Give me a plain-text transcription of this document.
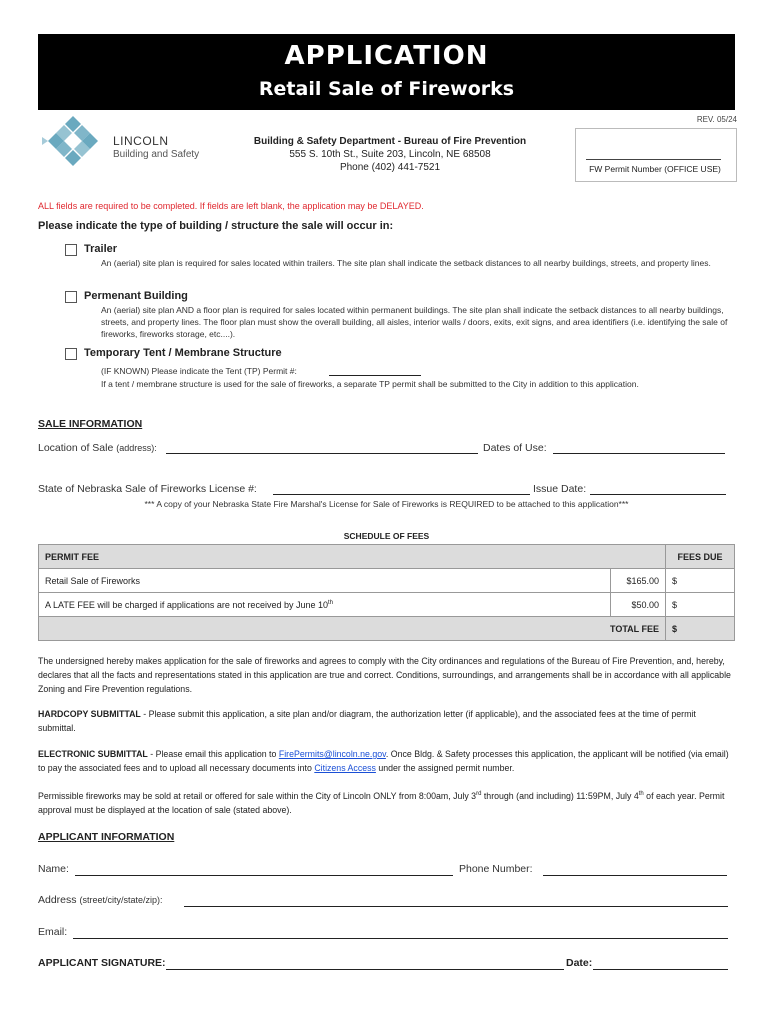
APPLICATION
Retail Sale of Fireworks
REV. 05/24
LINCOLN
Building and Safety
Building & Safety Department - Bureau of Fire Prevention
555 S. 10th St., Suite 203, Lincoln, NE 68508
Phone (402) 441-7521	FW Permit Number (OFFICE USE)
ALL fields are required to be completed. If fields are left blank, the application may be DELAYED.
Please indicate the type of building / structure the sale will occur in:
Trailer
An (aerial) site plan is required for sales located within trailers. The site plan shall indicate the setback distances to all nearby buildings, streets, and property lines.
Permenant Building
An (aerial) site plan AND a floor plan is required for sales located within permanent buildings. The site plan shall indicate the setback distances to all nearby buildings, streets, and property lines. The floor plan must show the overall building, all aisles, interior walls / doors, exits, exit signs, and area identifiers (i.e. identifying the sale of fireworks, fireworks storage, etc....).
Temporary Tent / Membrane Structure
(IF KNOWN) Please indicate the Tent (TP) Permit #:
If a tent / membrane structure is used for the sale of fireworks, a separate TP permit shall be submitted to the City in addition to this application.
SALE INFORMATION
Location of Sale (address):	Dates of Use:
State of Nebraska Sale of Fireworks License #:	Issue Date:
*** A copy of your Nebraska State Fire Marshal's License for Sale of Fireworks is REQUIRED to be attached to this application***
SCHEDULE OF FEES
PERMIT FEE		FEES DUE
Retail Sale of Fireworks	$165.00	$
A LATE FEE will be charged if applications are not received by June 10th	$50.00	$
TOTAL FEE		$
The undersigned hereby makes application for the sale of fireworks and agrees to comply with the City ordinances and regulations of the Bureau of Fire Prevention, and, hereby, declares that all the facts and representations stated in this application are true and correct. Conditions, surroundings, and arrangements shall be in accordance with all applicable Zoning and Fire Prevention regulations.
HARDCOPY SUBMITTAL - Please submit this application, a site plan and/or diagram, the authorization letter (if applicable), and the associated fees at the time of permit submittal.
ELECTRONIC SUBMITTAL - Please email this application to FirePermits@lincoln.ne.gov. Once Bldg. & Safety processes this application, the applicant will be notified (via email) to pay the associated fees and to upload all necessary documents into Citizens Access under the assigned permit number.
Permissible fireworks may be sold at retail or offered for sale within the City of Lincoln ONLY from 8:00am, July 3rd through (and including) 11:59PM, July 4th of each year. Permit approval must be displayed at the location of sale (stated above).
APPLICANT INFORMATION
Name:	Phone Number:
Address (street/city/state/zip):
Email:
APPLICANT SIGNATURE:	Date:
